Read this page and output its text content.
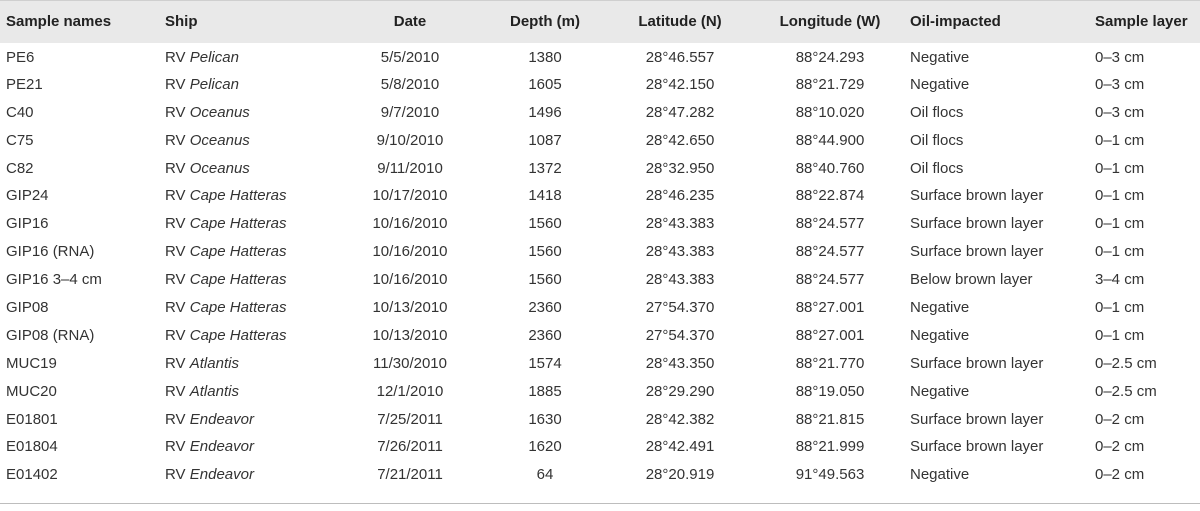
Sample names	Ship	Date	Depth (m)	Latitude (N)	Longitude (W)	Oil-impacted	Sample layer
PE6	RV Pelican	5/5/2010	1380	28°46.557	88°24.293	Negative	0–3 cm
PE21	RV Pelican	5/8/2010	1605	28°42.150	88°21.729	Negative	0–3 cm
C40	RV Oceanus	9/7/2010	1496	28°47.282	88°10.020	Oil flocs	0–3 cm
C75	RV Oceanus	9/10/2010	1087	28°42.650	88°44.900	Oil flocs	0–1 cm
C82	RV Oceanus	9/11/2010	1372	28°32.950	88°40.760	Oil flocs	0–1 cm
GIP24	RV Cape Hatteras	10/17/2010	1418	28°46.235	88°22.874	Surface brown layer	0–1 cm
GIP16	RV Cape Hatteras	10/16/2010	1560	28°43.383	88°24.577	Surface brown layer	0–1 cm
GIP16 (RNA)	RV Cape Hatteras	10/16/2010	1560	28°43.383	88°24.577	Surface brown layer	0–1 cm
GIP16 3–4 cm	RV Cape Hatteras	10/16/2010	1560	28°43.383	88°24.577	Below brown layer	3–4 cm
GIP08	RV Cape Hatteras	10/13/2010	2360	27°54.370	88°27.001	Negative	0–1 cm
GIP08 (RNA)	RV Cape Hatteras	10/13/2010	2360	27°54.370	88°27.001	Negative	0–1 cm
MUC19	RV Atlantis	11/30/2010	1574	28°43.350	88°21.770	Surface brown layer	0–2.5 cm
MUC20	RV Atlantis	12/1/2010	1885	28°29.290	88°19.050	Negative	0–2.5 cm
E01801	RV Endeavor	7/25/2011	1630	28°42.382	88°21.815	Surface brown layer	0–2 cm
E01804	RV Endeavor	7/26/2011	1620	28°42.491	88°21.999	Surface brown layer	0–2 cm
E01402	RV Endeavor	7/21/2011	64	28°20.919	91°49.563	Negative	0–2 cm
